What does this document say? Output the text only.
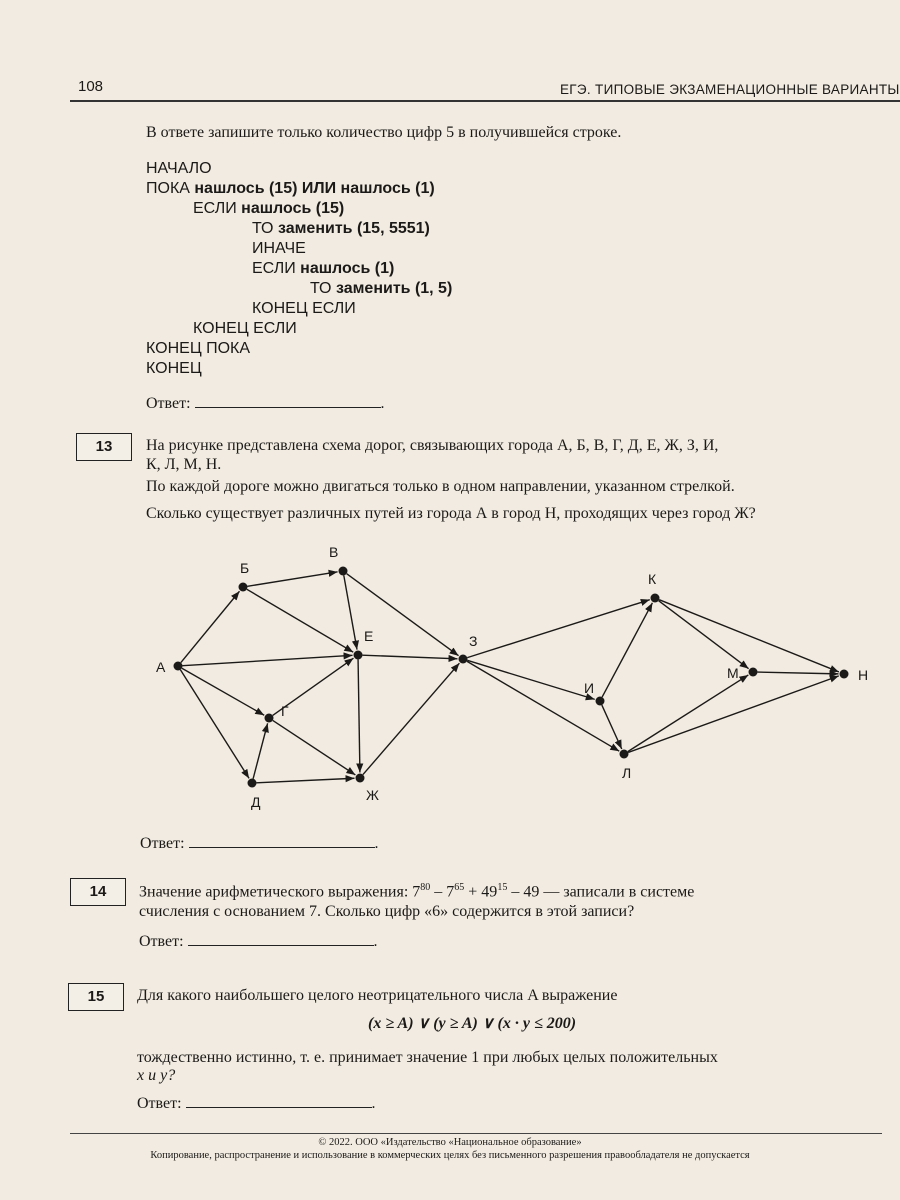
108	ЕГЭ. ТИПОВЫЕ ЭКЗАМЕНАЦИОННЫЕ ВАРИАНТЫ
В ответе запишите только количество цифр 5 в получившейся строке.
НАЧАЛО
ПОКА нашлось (15) ИЛИ нашлось (1)
ЕСЛИ нашлось (15)
ТО заменить (15, 5551)
ИНАЧЕ
ЕСЛИ нашлось (1)
ТО заменить (1, 5)
КОНЕЦ ЕСЛИ
КОНЕЦ ЕСЛИ
КОНЕЦ ПОКА
КОНЕЦ
Ответ:	.
13	На рисунке представлена схема дорог, связывающих города А, Б, В, Г, Д, Е, Ж, З, И,
К, Л, М, Н.
По каждой дороге можно двигаться только в одном направлении, указанном стрелкой.
Сколько существует различных путей из города А в город Н, проходящих через город Ж?
А
Б
В
Г
Д
Е
Ж
З
И
К
Л
М	Н
Ответ:	.
14	Значение арифметического выражения: $7^{80} - 7^{65} + 49^{15} - 49$ — записали в системе
счисления с основанием 7. Сколько цифр «6» содержится в этой записи?
Ответ:	.
15	Для какого наибольшего целого неотрицательного числа A выражение
(x ≥ A) ∨ (y ≥ A) ∨ (x · y ≤ 200)
тождественно истинно, т. е. принимает значение 1 при любых целых положительных
x и y?
Ответ:	.
© 2022. ООО «Издательство «Национальное образование»
Копирование, распространение и использование в коммерческих целях без письменного разрешения правообладателя не допускается
